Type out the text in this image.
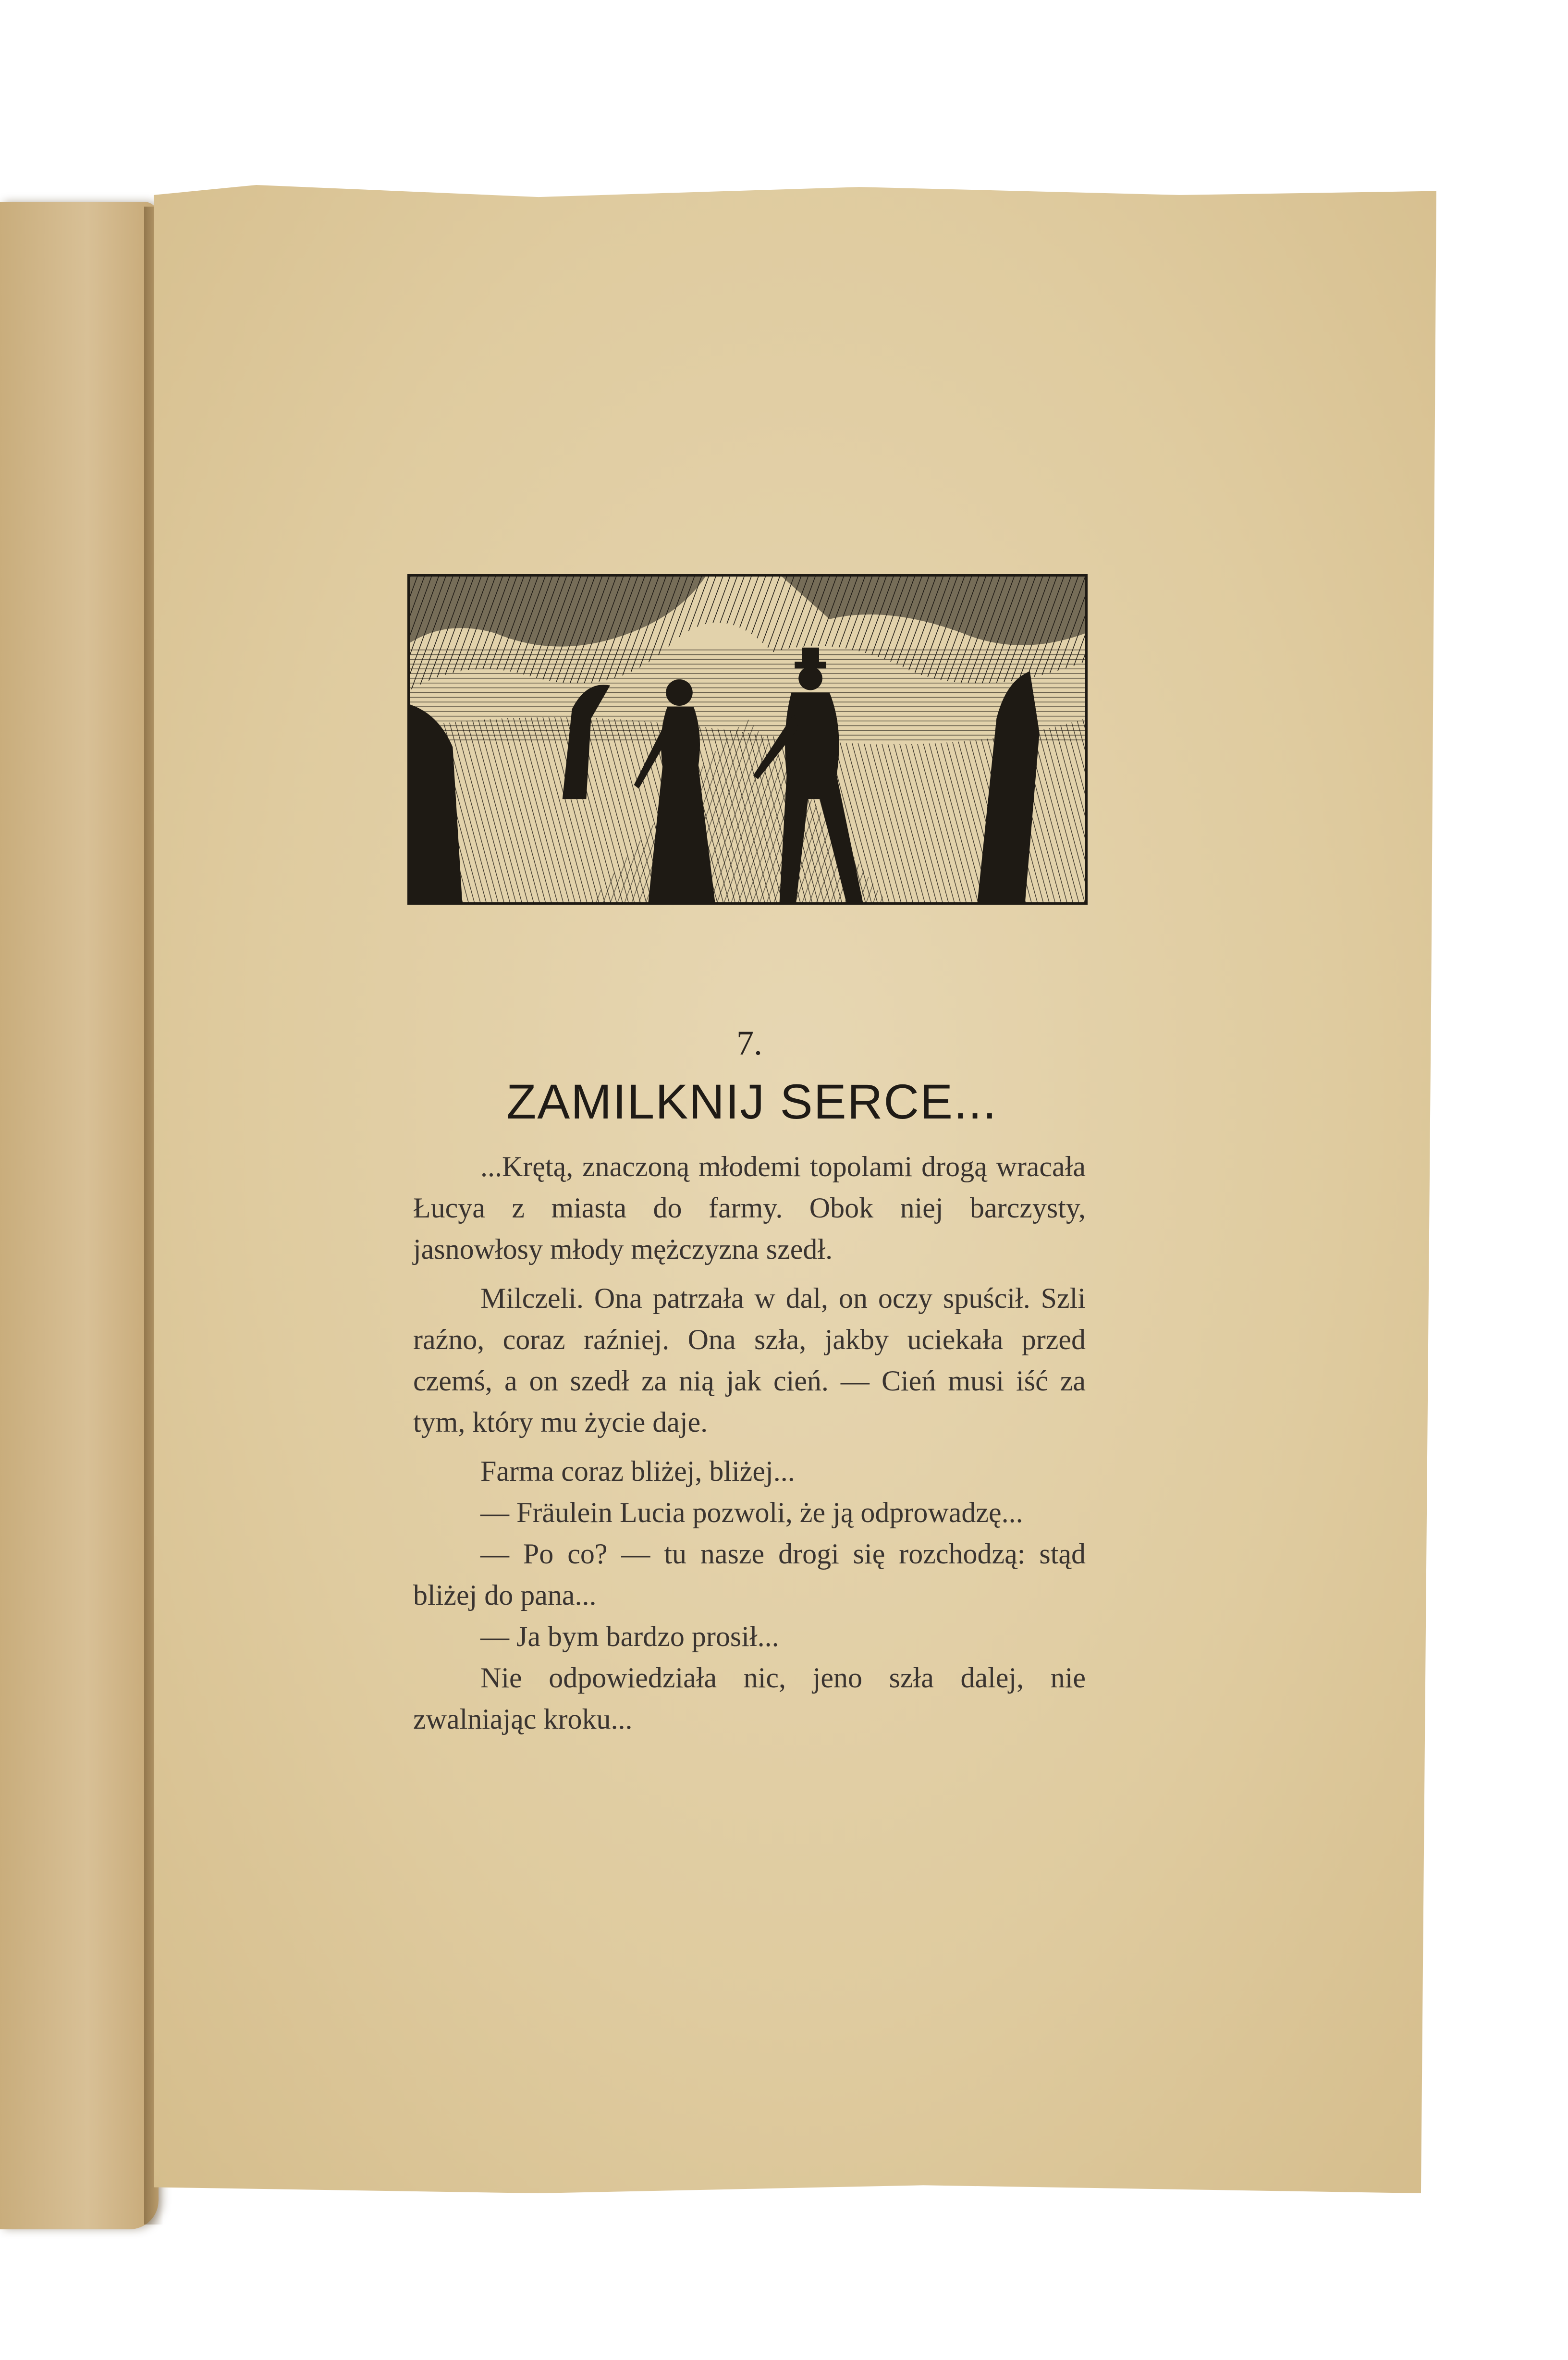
7.
ZAMILKNIJ SERCE...

...Krętą, znaczoną młodemi topolami drogą wracała Łucya z miasta do farmy. Obok niej barczysty, jasnowłosy młody mężczyzna szedł.

Milczeli. Ona patrzała w dal, on oczy spuścił. Szli raźno, coraz raźniej. Ona szła, jakby uciekała przed czemś, a on szedł za nią jak cień. — Cień musi iść za tym, który mu życie daje.

Farma coraz bliżej, bliżej...

— Fräulein Lucia pozwoli, że ją odprowadzę...

— Po co? — tu nasze drogi się rozchodzą: stąd bliżej do pana...

— Ja bym bardzo prosił...

Nie odpowiedziała nic, jeno szła dalej, nie zwalniając kroku...
